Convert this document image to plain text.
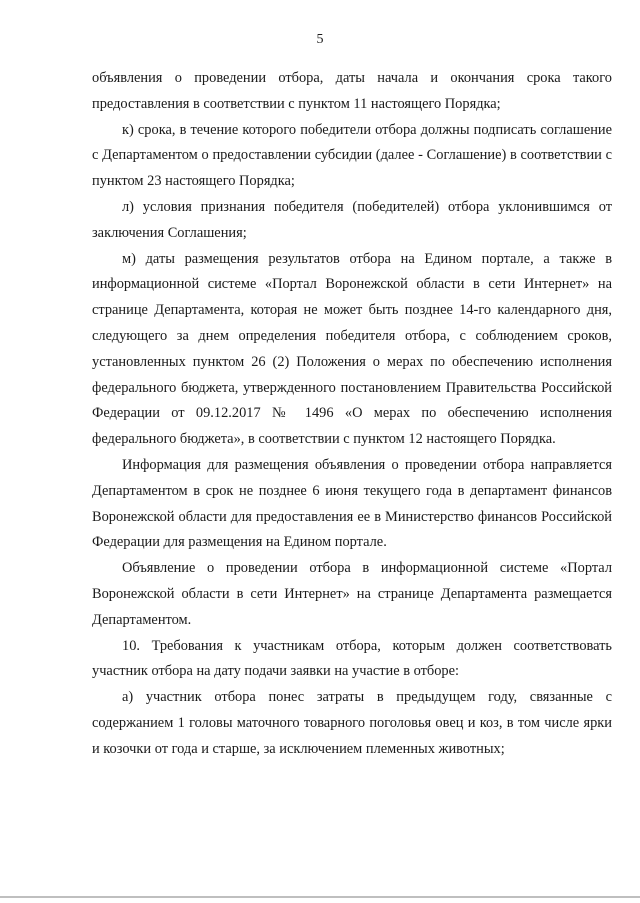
5

объявления о проведении отбора, даты начала и окончания срока такого предоставления в соответствии с пунктом 11 настоящего Порядка;

к) срока, в течение которого победители отбора должны подписать соглашение с Департаментом о предоставлении субсидии (далее - Соглашение) в соответствии с пунктом 23 настоящего Порядка;

л) условия признания победителя (победителей) отбора уклонившимся от заключения Соглашения;

м) даты размещения результатов отбора на Едином портале, а также в информационной системе «Портал Воронежской области в сети Интернет» на странице Департамента, которая не может быть позднее 14-го календарного дня, следующего за днем определения победителя отбора, с соблюдением сроков, установленных пунктом 26 (2) Положения о мерах по обеспечению исполнения федерального бюджета, утвержденного постановлением Правительства Российской Федерации от 09.12.2017 № 1496 «О мерах по обеспечению исполнения федерального бюджета», в соответствии с пунктом 12 настоящего Порядка.

Информация для размещения объявления о проведении отбора направляется Департаментом в срок не позднее 6 июня текущего года в департамент финансов Воронежской области для предоставления ее в Министерство финансов Российской Федерации для размещения на Едином портале.

Объявление о проведении отбора в информационной системе «Портал Воронежской области в сети Интернет» на странице Департамента размещается Департаментом.

10. Требования к участникам отбора, которым должен соответствовать участник отбора на дату подачи заявки на участие в отборе:

а) участник отбора понес затраты в предыдущем году, связанные с содержанием 1 головы маточного товарного поголовья овец и коз, в том числе ярки и козочки от года и старше, за исключением племенных животных;
